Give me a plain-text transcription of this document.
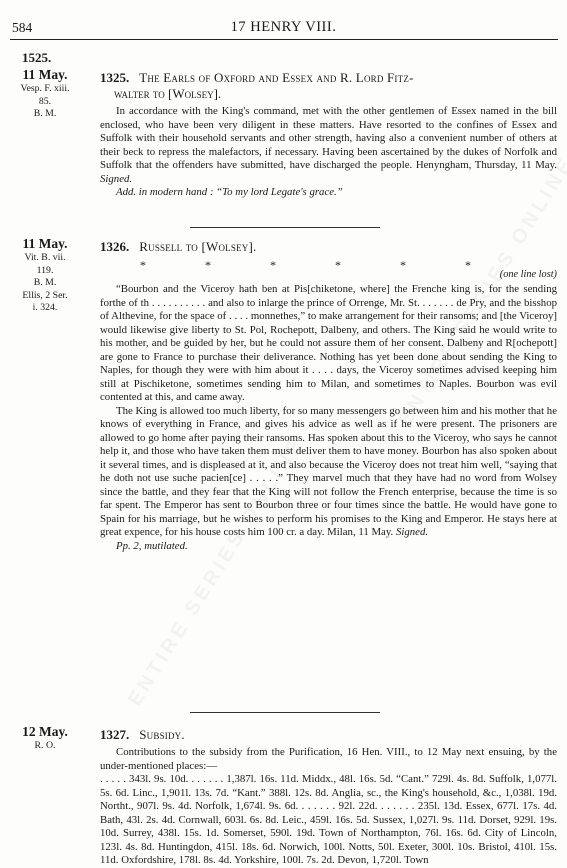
584	17 HENRY VIII.
1525.
11 May.
Vesp. F. xiii.
85.
B. M.
1325. The Earls of Oxford and Essex and R. Lord Fitz-
walter to [Wolsey].

In accordance with the King's command, met with the other gentlemen of Essex named in the bill enclosed, who have been very diligent in these matters. Have resorted to the confines of Essex and Suffolk with their household servants and other strength, having also a convenient number of others at their beck to repress the malefactors, if necessary. Having been ascertained by the dukes of Norfolk and Suffolk that the offenders have submitted, have discharged the people. Henyngham, Thursday, 11 May. Signed.

Add. in modern hand : “To my lord Legate's grace.”

11 May.
Vit. B. vii.
119.
B. M.
Ellis, 2 Ser.
i. 324.
1326. Russell to [Wolsey].
* * * * * *
(one line lost)

“Bourbon and the Viceroy hath ben at Pis[chiketone, where] the Frenche king is, for the sending forthe of th . . . . . . . . . . and also to inlarge the prince of Orrenge, Mr. St. . . . . . . de Pry, and the bisshop of Althevine, for the space of . . . . monnethes,” to make arrangement for their ransoms; and [the Viceroy] would likewise give liberty to St. Pol, Rochepott, Dalbeny, and others. The King said he would write to his mother, and be guided by her, but he could not assure them of her consent. Dalbeny and R[ochepott] are gone to France to purchase their deliverance. Nothing has yet been done about sending the King to Naples, for though they were with him about it . . . . days, the Viceroy sometimes advised keeping him still at Pischiketone, sometimes sending him to Milan, and sometimes to Naples. Bourbon was evil contented at this, and came away.

The King is allowed too much liberty, for so many messengers go between him and his mother that he knows of everything in France, and gives his advice as well as if he were present. The prisoners are allowed to go home after paying their ransoms. Has spoken about this to the Viceroy, who says he cannot help it, and those who have taken them must deliver them to have money. Bourbon has also spoken about it several times, and is displeased at it, and also because the Viceroy does not treat him well, “saying that he doth not use suche pacien[ce] . . . . .” They marvel much that they have had no word from Wolsey since the battle, and they fear that the King will not follow the French enterprise, because the time is so far spent. The Emperor has sent to Bourbon three or four times since the battle. He would have gone to Spain for his marriage, but he wishes to perform his promises to the King and Emperor. He stays here at great expence, for his house costs him 100 cr. a day. Milan, 11 May. Signed.

Pp. 2, mutilated.

12 May.
R. O.
1327. Subsidy.

Contributions to the subsidy from the Purification, 16 Hen. VIII., to 12 May next ensuing, by the under-mentioned places:—

. . . . . 343l. 9s. 10d. . . . . . . 1,387l. 16s. 11d. Middx., 48l. 16s. 5d. “Cant.” 729l. 4s. 8d. Suffolk, 1,077l. 5s. 6d. Linc., 1,901l. 13s. 7d. “Kant.” 388l. 12s. 8d. Anglia, sc., the King's household, &c., 1,038l. 19d. Northt., 907l. 9s. 4d. Norfolk, 1,674l. 9s. 6d. . . . . . . 92l. 22d. . . . . . . 235l. 13d. Essex, 677l. 17s. 4d. Bath, 43l. 2s. 4d. Cornwall, 603l. 6s. 8d. Leic., 459l. 16s. 5d. Sussex, 1,027l. 9s. 11d. Dorset, 929l. 19s. 10d. Surrey, 438l. 15s. 1d. Somerset, 590l. 19d. Town of Northampton, 76l. 16s. 6d. City of Lincoln, 123l. 4s. 8d. Huntingdon, 415l. 18s. 6d. Norwich, 100l. Notts, 50l. Exeter, 300l. 10s. Bristol, 410l. 15s. 11d. Oxfordshire, 178l. 8s. 4d. Yorkshire, 100l. 7s. 2d. Devon, 1,720l. Town
